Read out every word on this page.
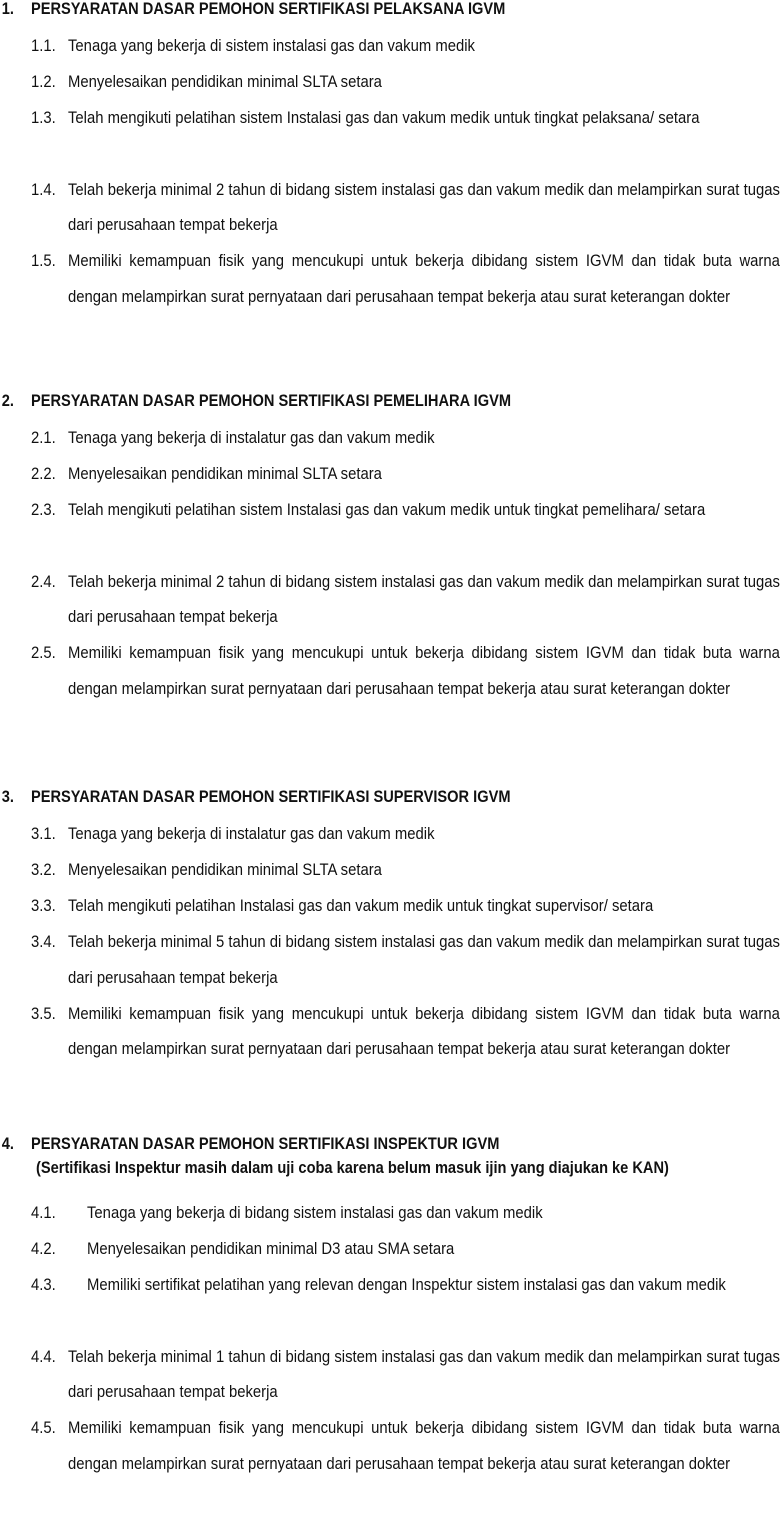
1. PERSYARATAN DASAR PEMOHON SERTIFIKASI PELAKSANA IGVM
1.1. Tenaga yang bekerja di sistem instalasi gas dan vakum medik
1.2. Menyelesaikan pendidikan minimal SLTA setara
1.3. Telah mengikuti pelatihan sistem Instalasi gas dan vakum medik untuk tingkat pelaksana/ setara
1.4. Telah bekerja minimal 2 tahun di bidang sistem instalasi gas dan vakum medik dan melampirkan surat tugas dari perusahaan tempat bekerja
1.5. Memiliki kemampuan fisik yang mencukupi untuk bekerja dibidang sistem IGVM dan tidak buta warna dengan melampirkan surat pernyataan dari perusahaan tempat bekerja atau surat keterangan dokter
2. PERSYARATAN DASAR PEMOHON SERTIFIKASI PEMELIHARA IGVM
2.1. Tenaga yang bekerja di instalatur gas dan vakum medik
2.2. Menyelesaikan pendidikan minimal SLTA setara
2.3. Telah mengikuti pelatihan sistem Instalasi gas dan vakum medik untuk tingkat pemelihara/ setara
2.4. Telah bekerja minimal 2 tahun di bidang sistem instalasi gas dan vakum medik dan melampirkan surat tugas dari perusahaan tempat bekerja
2.5. Memiliki kemampuan fisik yang mencukupi untuk bekerja dibidang sistem IGVM dan tidak buta warna dengan melampirkan surat pernyataan dari perusahaan tempat bekerja atau surat keterangan dokter
3. PERSYARATAN DASAR PEMOHON SERTIFIKASI SUPERVISOR IGVM
3.1. Tenaga yang bekerja di instalatur gas dan vakum medik
3.2. Menyelesaikan pendidikan minimal SLTA setara
3.3. Telah mengikuti pelatihan Instalasi gas dan vakum medik untuk tingkat supervisor/ setara
3.4. Telah bekerja minimal 5 tahun di bidang sistem instalasi gas dan vakum medik dan melampirkan surat tugas dari perusahaan tempat bekerja
3.5. Memiliki kemampuan fisik yang mencukupi untuk bekerja dibidang sistem IGVM dan tidak buta warna dengan melampirkan surat pernyataan dari perusahaan tempat bekerja atau surat keterangan dokter
4. PERSYARATAN DASAR PEMOHON SERTIFIKASI INSPEKTUR IGVM
(Sertifikasi Inspektur masih dalam uji coba karena belum masuk ijin yang diajukan ke KAN)
4.1. Tenaga yang bekerja di bidang sistem instalasi gas dan vakum medik
4.2. Menyelesaikan pendidikan minimal D3 atau SMA setara
4.3. Memiliki sertifikat pelatihan yang relevan dengan Inspektur sistem instalasi gas dan vakum medik
4.4. Telah bekerja minimal 1 tahun di bidang sistem instalasi gas dan vakum medik dan melampirkan surat tugas dari perusahaan tempat bekerja
4.5. Memiliki kemampuan fisik yang mencukupi untuk bekerja dibidang sistem IGVM dan tidak buta warna dengan melampirkan surat pernyataan dari perusahaan tempat bekerja atau surat keterangan dokter
